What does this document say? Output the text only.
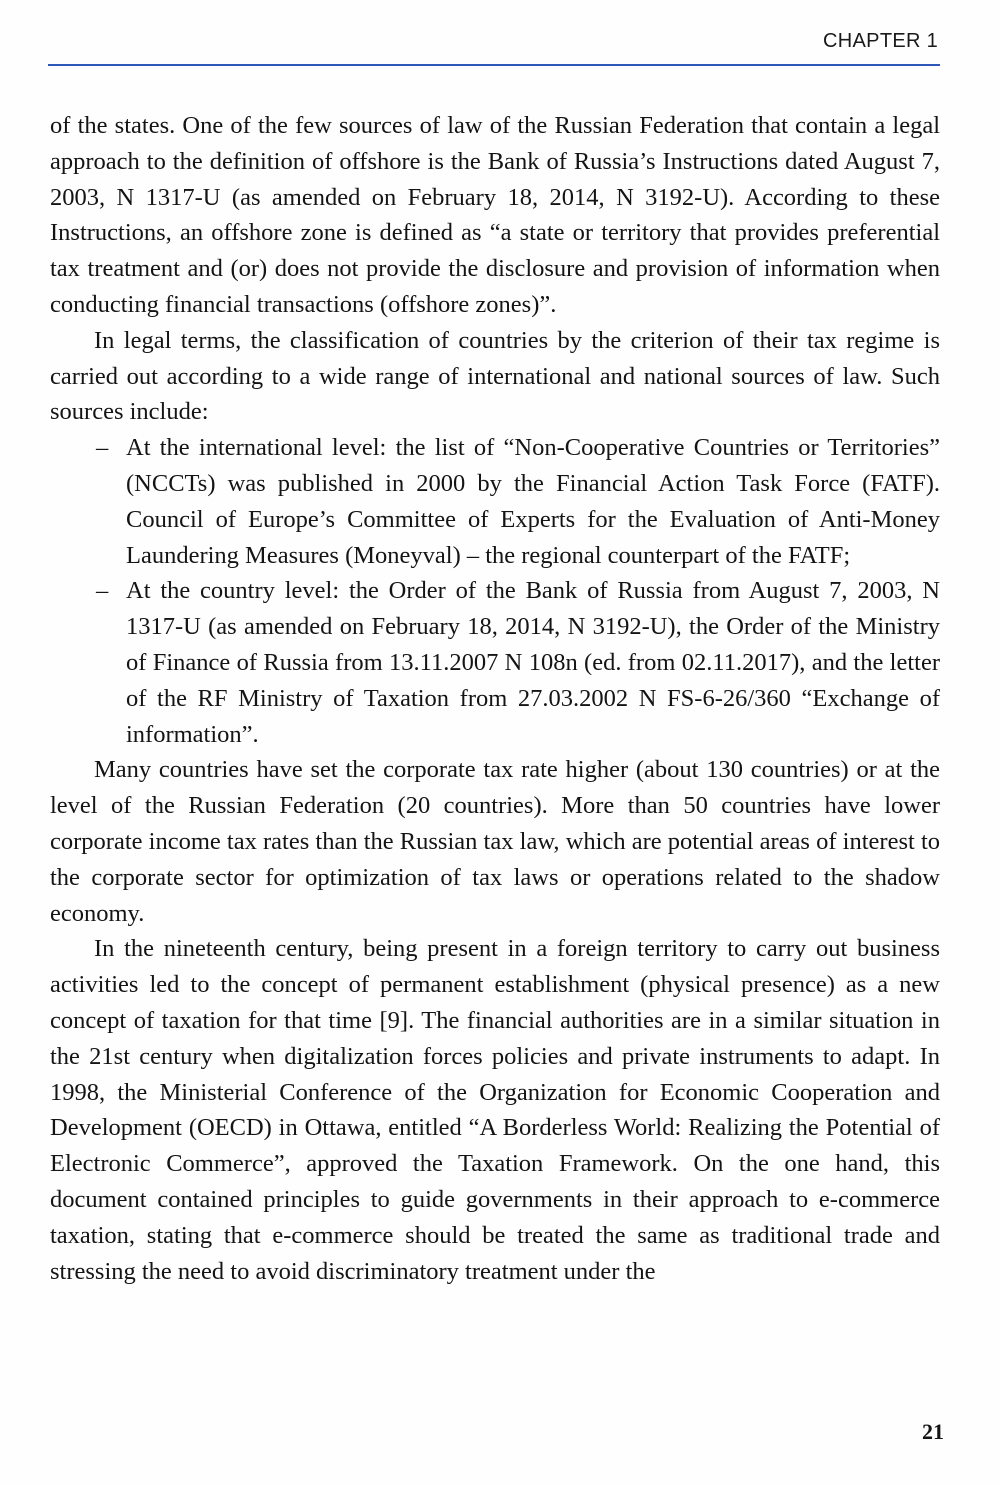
CHAPTER 1

of the states. One of the few sources of law of the Russian Federation that contain a legal approach to the definition of offshore is the Bank of Russia’s Instructions dated August 7, 2003, N 1317-U (as amended on February 18, 2014, N 3192-U). According to these Instructions, an offshore zone is defined as “a state or territory that provides preferential tax treatment and (or) does not provide the disclosure and provision of information when conducting financial transactions (offshore zones)”.

In legal terms, the classification of countries by the criterion of their tax regime is carried out according to a wide range of international and national sources of law. Such sources include:

– At the international level: the list of “Non-Cooperative Countries or Territories” (NCCTs) was published in 2000 by the Financial Action Task Force (FATF). Council of Europe’s Committee of Experts for the Evaluation of Anti-Money Laundering Measures (Moneyval) – the regional counterpart of the FATF;
– At the country level: the Order of the Bank of Russia from August 7, 2003, N 1317-U (as amended on February 18, 2014, N 3192-U), the Order of the Ministry of Finance of Russia from 13.11.2007 N 108n (ed. from 02.11.2017), and the letter of the RF Ministry of Taxation from 27.03.2002 N FS-6-26/360 “Exchange of information”.

Many countries have set the corporate tax rate higher (about 130 countries) or at the level of the Russian Federation (20 countries). More than 50 countries have lower corporate income tax rates than the Russian tax law, which are potential areas of interest to the corporate sector for optimization of tax laws or operations related to the shadow economy.

In the nineteenth century, being present in a foreign territory to carry out business activities led to the concept of permanent establishment (physical presence) as a new concept of taxation for that time [9]. The financial authorities are in a similar situation in the 21st century when digitalization forces policies and private instruments to adapt. In 1998, the Ministerial Conference of the Organization for Economic Cooperation and Development (OECD) in Ottawa, entitled “A Borderless World: Realizing the Potential of Electronic Commerce”, approved the Taxation Framework. On the one hand, this document contained principles to guide governments in their approach to e-commerce taxation, stating that e-commerce should be treated the same as traditional trade and stressing the need to avoid discriminatory treatment under the

21
